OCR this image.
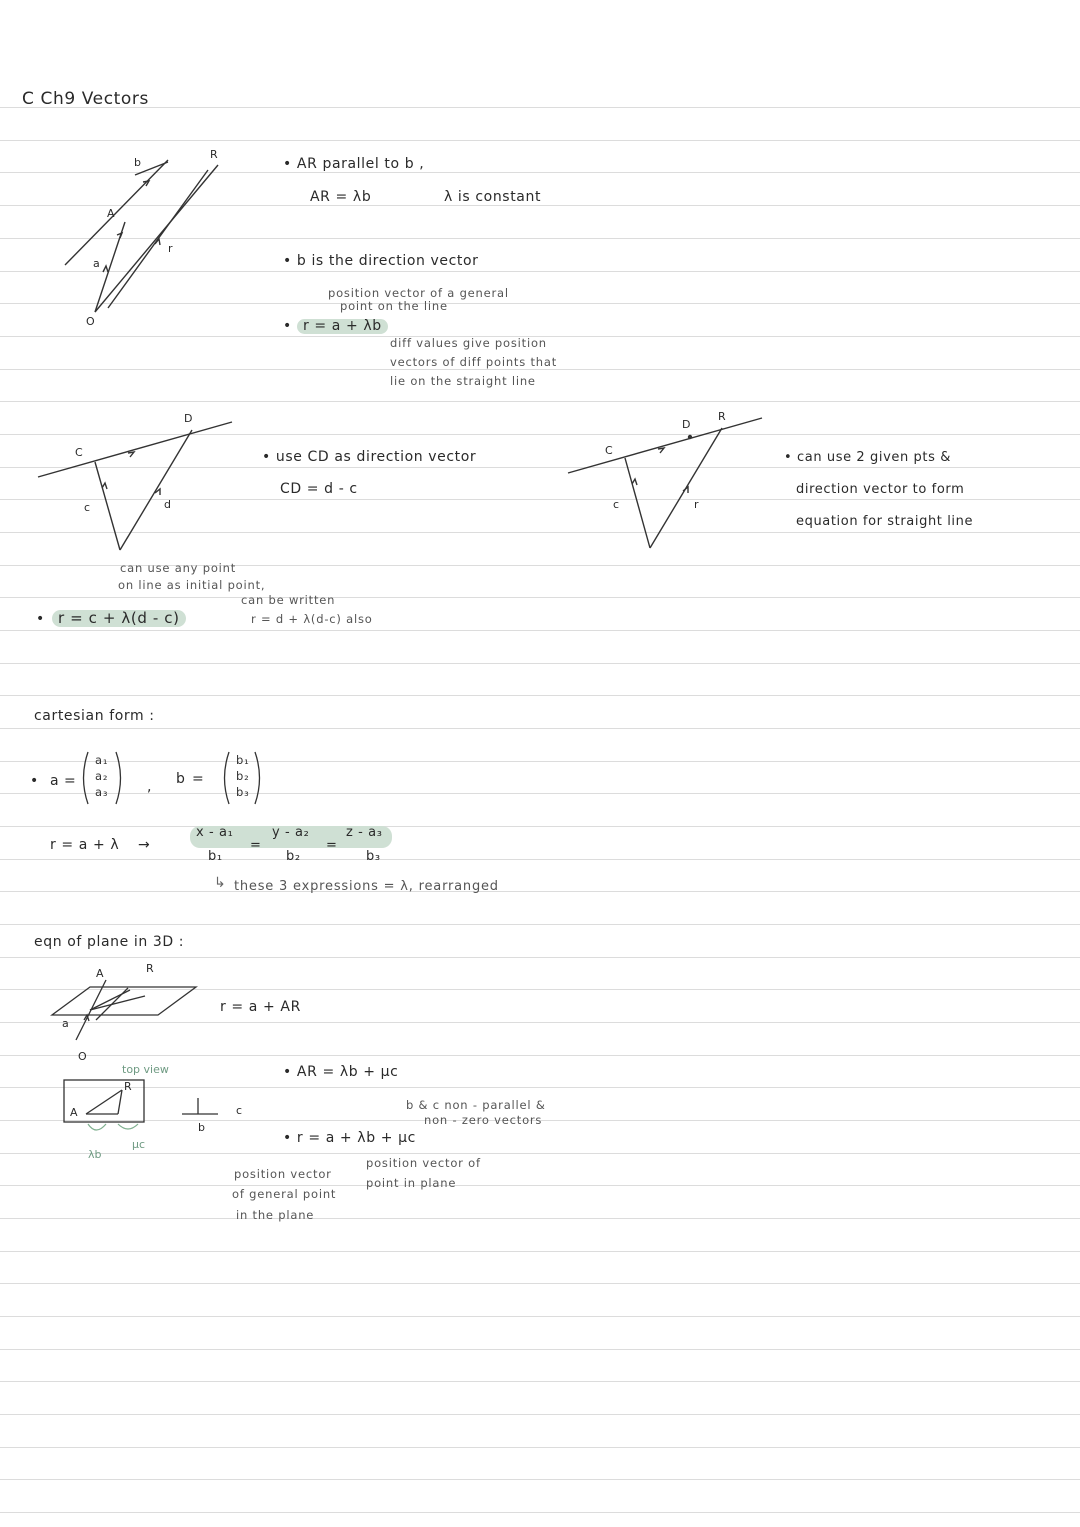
C Ch9 Vectors
b
R
A
a
r
O
• AR parallel to b ,
AR = λb	λ is constant
• b is the direction vector
position vector of a general
point on the line
• r = a + λb
diff values give position
vectors of diff points that
lie on the straight line
C
D
c	d
C
D
R
c	r
• use CD as direction vector
CD = d - c
• can use 2 given pts &
direction vector to form
equation for straight line
can use any point
on line as initial point,
can be written
r = d + λ(d-c) also
• r = c + λ(d - c)
cartesian form :
• a =
a₁
a₂
a₃	, b =
b₁
b₂
b₃
r = a + λ →
x - a₁
b₁
=
y - a₂
b₂
=
z - a₃
b₃
↳ these 3 expressions = λ, rearranged
eqn of plane in 3D :
A	R
a
O
A
R
b
c
top view
λb
μc
r = a + AR
• AR = λb + μc
b & c non - parallel &
non - zero vectors
• r = a + λb + μc
position vector
of general point
in the plane
position vector of
point in plane
